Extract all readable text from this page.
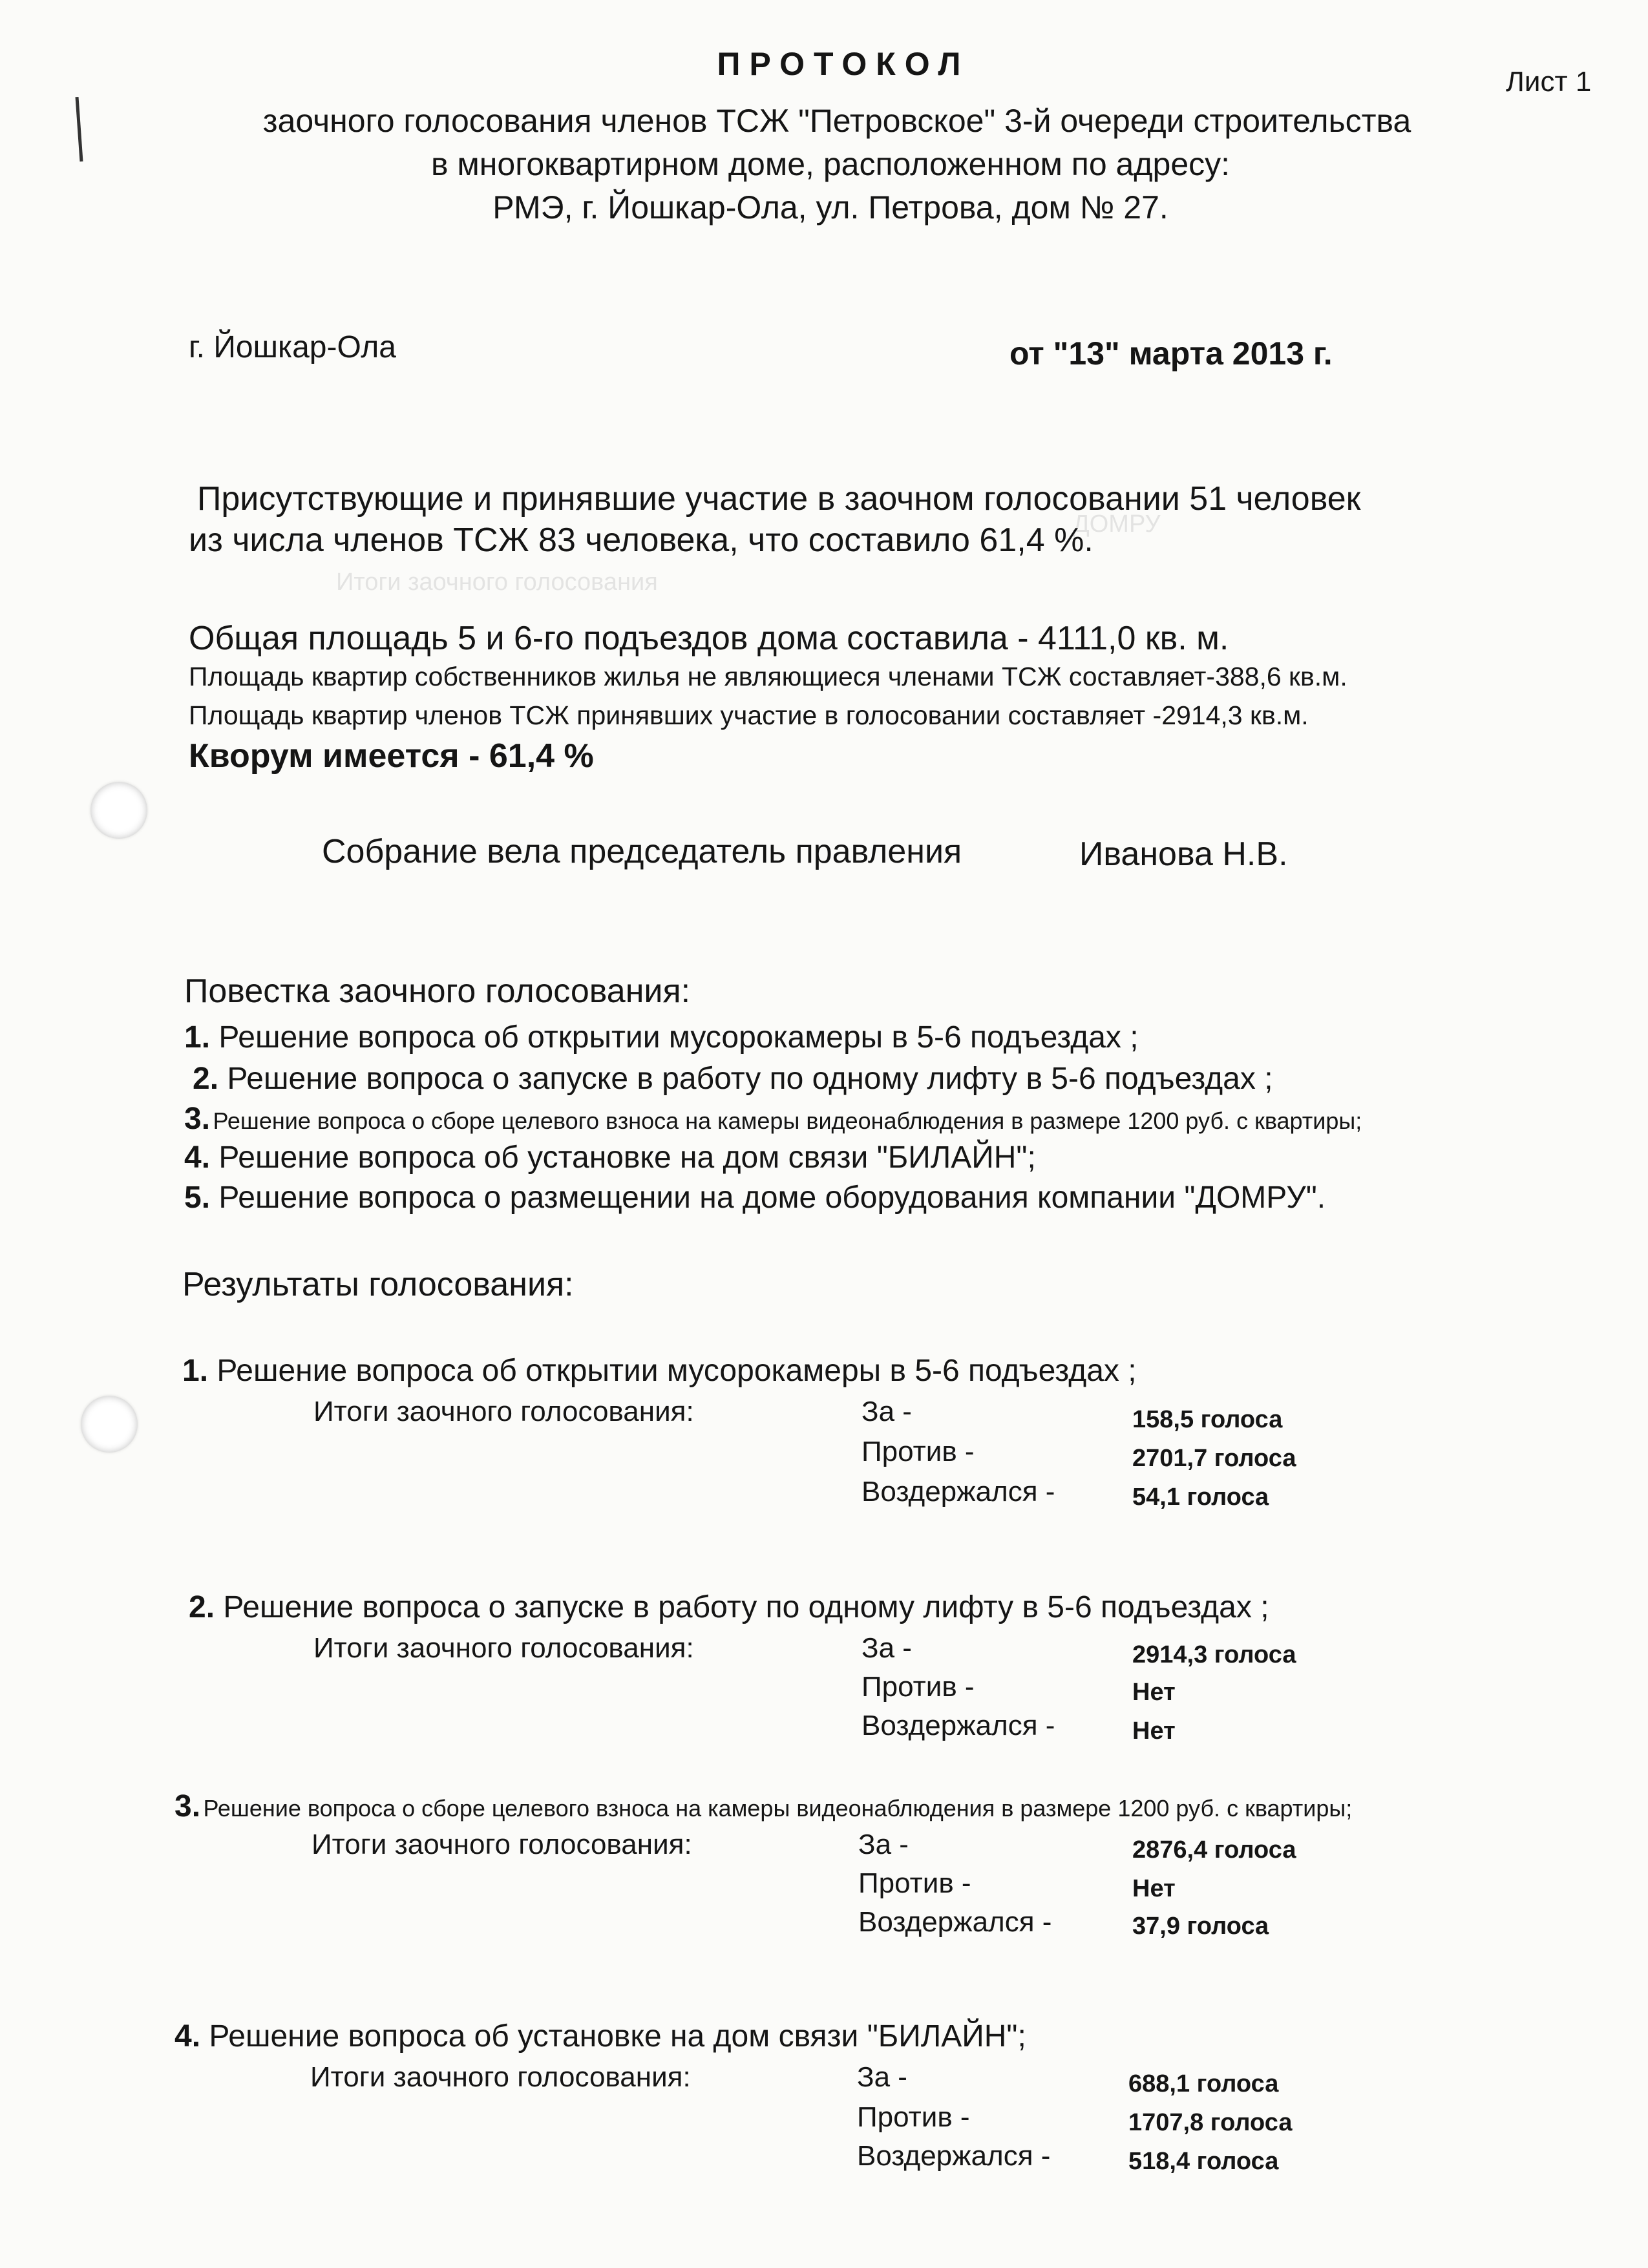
ДОМРУ
Итоги заочного голосования
Лист 1
ПРОТОКОЛ
заочного голосования членов ТСЖ "Петровское" 3-й очереди строительства
в многоквартирном доме, расположенном по адресу:
РМЭ, г. Йошкар-Ола, ул. Петрова, дом № 27.
г. Йошкар-Ола	от "13" марта 2013 г.
Присутствующие и принявшие участие в заочном голосовании 51 человек
из числа членов ТСЖ 83 человека, что составило 61,4 %.
Общая площадь 5 и 6-го подъездов дома составила - 4111,0 кв. м.
Площадь квартир собственников жилья не являющиеся членами ТСЖ составляет-388,6 кв.м.
Площадь квартир членов ТСЖ принявших участие в голосовании составляет -2914,3 кв.м.
Кворум имеется - 61,4 %
Собрание вела председатель правления	Иванова Н.В.
Повестка заочного голосования:
1. Решение вопроса об открытии мусорокамеры в 5-6 подъездах ;
2. Решение вопроса о запуске в работу по одному лифту в 5-6 подъездах ;
3. Решение вопроса о сборе целевого взноса на камеры видеонаблюдения в размере 1200 руб. с квартиры;
4. Решение вопроса об установке на дом связи "БИЛАЙН";
5. Решение вопроса о размещении на доме оборудования компании "ДОМРУ".
Результаты голосования:
1. Решение вопроса об открытии мусорокамеры в 5-6 подъездах ;
Итоги заочного голосования:	За -	158,5 голоса
Против -	2701,7 голоса
Воздержался -	54,1 голоса
2. Решение вопроса о запуске в работу по одному лифту в 5-6 подъездах ;
Итоги заочного голосования:	За -	2914,3 голоса
Против -	Нет
Воздержался -	Нет
3. Решение вопроса о сборе целевого взноса на камеры видеонаблюдения в размере 1200 руб. с квартиры;
Итоги заочного голосования:	За -	2876,4 голоса
Против -	Нет
Воздержался -	37,9 голоса
4. Решение вопроса об установке на дом связи "БИЛАЙН";
Итоги заочного голосования:	За -	688,1 голоса
Против -	1707,8 голоса
Воздержался -	518,4 голоса
